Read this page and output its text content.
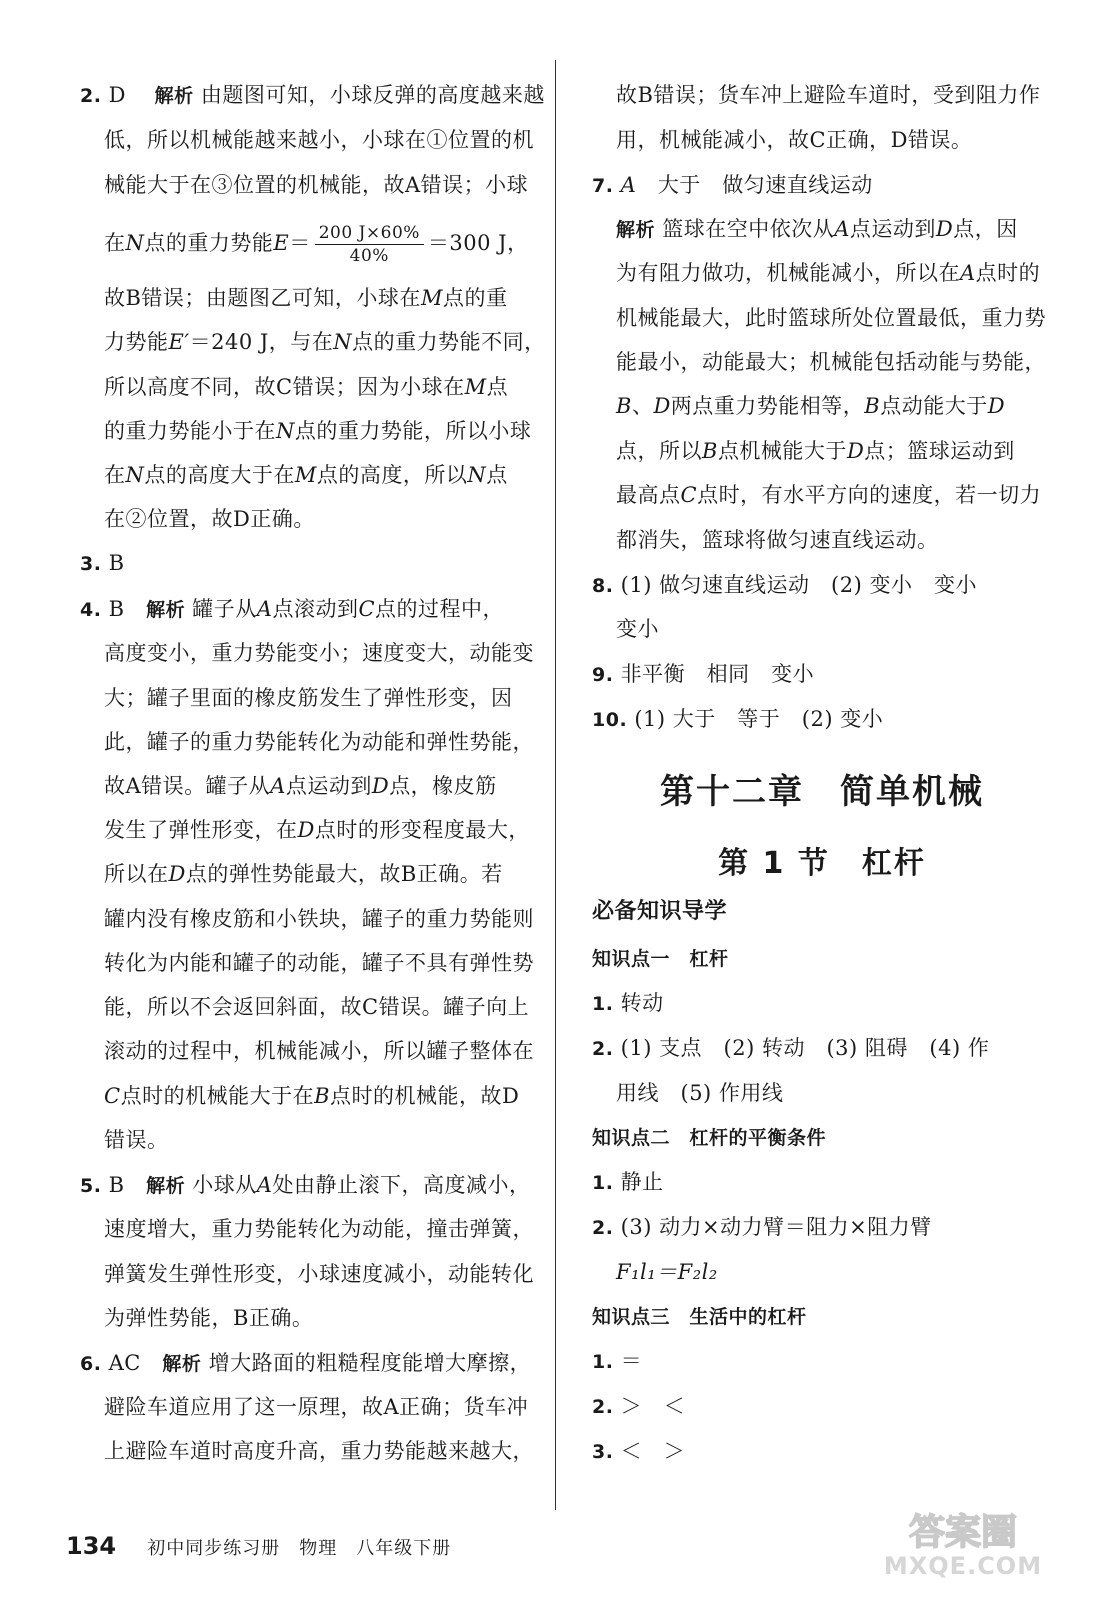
2. D　 解析 由题图可知，小球反弹的高度越来越
低，所以机械能越来越小，小球在①位置的机
械能大于在③位置的机械能，故A错误；小球
在N点的重力势能$E= \frac{200 J\times 60\%}{40\%} =300$ J，
故B错误；由题图乙可知，小球在M点的重
力势能E′＝240 J，与在N点的重力势能不同，
所以高度不同，故C错误；因为小球在M点
的重力势能小于在N点的重力势能，所以小球
在N点的高度大于在M点的高度，所以N点
在②位置，故D正确。
3. B
4. B　解析 罐子从A点滚动到C点的过程中，
高度变小，重力势能变小；速度变大，动能变
大；罐子里面的橡皮筋发生了弹性形变，因
此，罐子的重力势能转化为动能和弹性势能，
故A错误。罐子从A点运动到D点，橡皮筋
发生了弹性形变，在D点时的形变程度最大，
所以在D点的弹性势能最大，故B正确。若
罐内没有橡皮筋和小铁块，罐子的重力势能则
转化为内能和罐子的动能，罐子不具有弹性势
能，所以不会返回斜面，故C错误。罐子向上
滚动的过程中，机械能减小，所以罐子整体在
C点时的机械能大于在B点时的机械能，故D
错误。
5. B　解析 小球从A处由静止滚下，高度减小，
速度增大，重力势能转化为动能，撞击弹簧，
弹簧发生弹性形变，小球速度减小，动能转化
为弹性势能，B正确。
6. AC　解析 增大路面的粗糙程度能增大摩擦，
避险车道应用了这一原理，故A正确；货车冲
上避险车道时高度升高，重力势能越来越大，
故B错误；货车冲上避险车道时，受到阻力作
用，机械能减小，故C正确，D错误。
7. A　大于　做匀速直线运动
解析 篮球在空中依次从A点运动到D点，因
为有阻力做功，机械能减小，所以在A点时的
机械能最大，此时篮球所处位置最低，重力势
能最小，动能最大；机械能包括动能与势能，
B、D两点重力势能相等，B点动能大于D
点，所以B点机械能大于D点；篮球运动到
最高点C点时，有水平方向的速度，若一切力
都消失，篮球将做匀速直线运动。
8. (1) 做匀速直线运动　(2) 变小　变小
变小
9. 非平衡　相同　变小
10. (1) 大于　等于　(2) 变小
第十二章　简单机械
第 1 节　杠杆
必备知识导学
知识点一　杠杆
1. 转动
2. (1) 支点　(2) 转动　(3) 阻碍　(4) 作
用线　(5) 作用线
知识点二　杠杆的平衡条件
1. 静止
2. (3) 动力×动力臂＝阻力×阻力臂
F₁l₁＝F₂l₂
知识点三　生活中的杠杆
1. ＝
2. ＞　＜
3. ＜　＞
134 初中同步练习册　物理　八年级下册	答案圈
MXQE.COM
